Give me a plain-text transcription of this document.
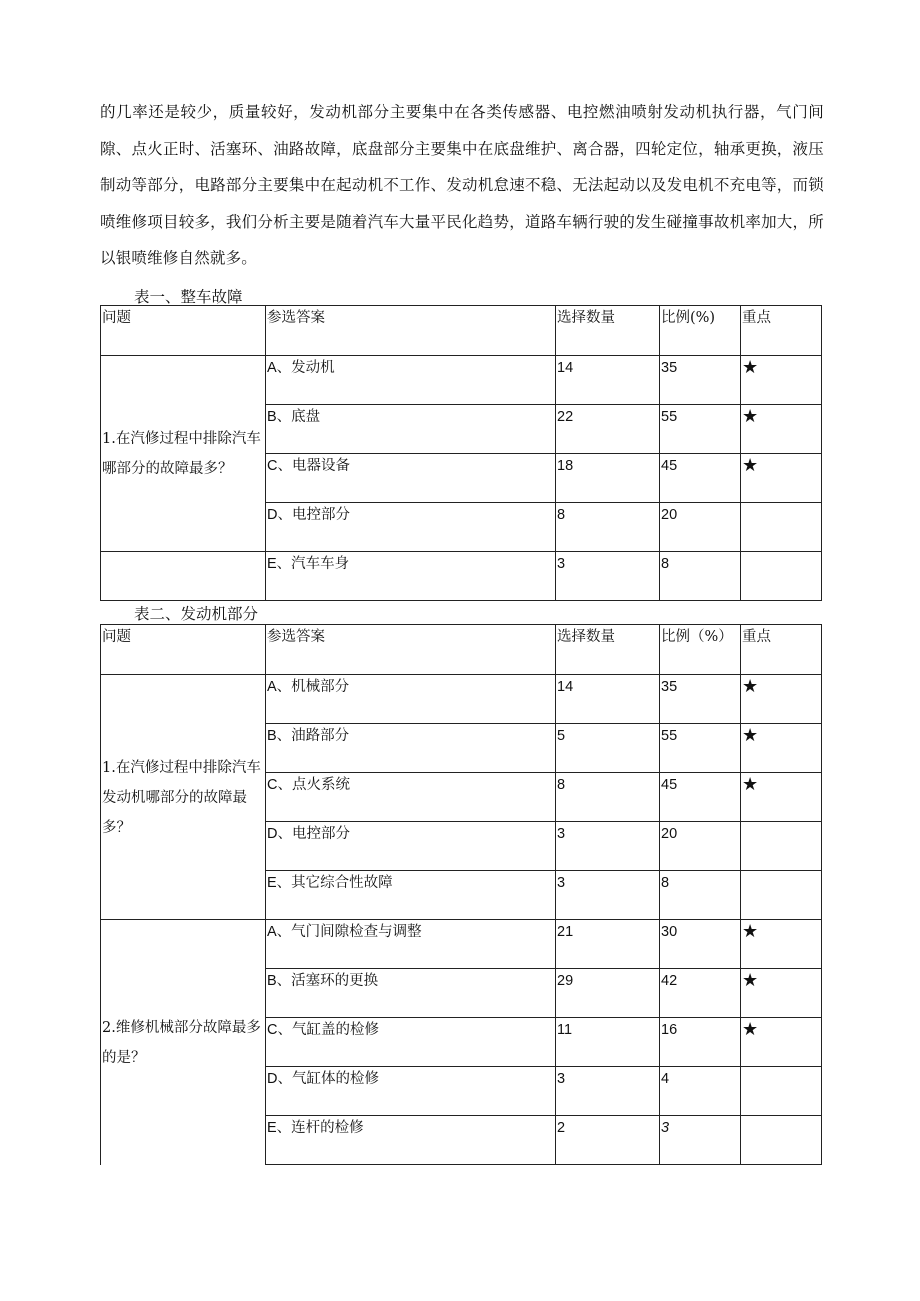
的几率还是较少，质量较好，发动机部分主要集中在各类传感器、电控燃油喷射发动机执行器，气门间隙、点火正时、活塞环、油路故障，底盘部分主要集中在底盘维护、离合器，四轮定位，轴承更换，液压制动等部分，电路部分主要集中在起动机不工作、发动机怠速不稳、无法起动以及发电机不充电等，而锁喷维修项目较多，我们分析主要是随着汽车大量平民化趋势，道路车辆行驶的发生碰撞事故机率加大，所以银喷维修自然就多。

表一、整车故障

问题	参选答案	选择数量	比例(%)	重点
1.在汽修过程中排除汽车哪部分的故障最多？	A、发动机	14	35	★
	B、底盘	22	55	★
	C、电器设备	18	45	★
	D、电控部分	8	20	
	E、汽车车身	3	8	

表二、发动机部分

问题	参选答案	选择数量	比例（%）	重点
1.在汽修过程中排除汽车发动机哪部分的故障最多？	A、机械部分	14	35	★
	B、油路部分	5	55	★
	C、点火系统	8	45	★
	D、电控部分	3	20	
	E、其它综合性故障	3	8	
2.维修机械部分故障最多的是？	A、气门间隙检查与调整	21	30	★
	B、活塞环的更换	29	42	★
	C、气缸盖的检修	11	16	★
	D、气缸体的检修	3	4	
	E、连杆的检修	2	3	
